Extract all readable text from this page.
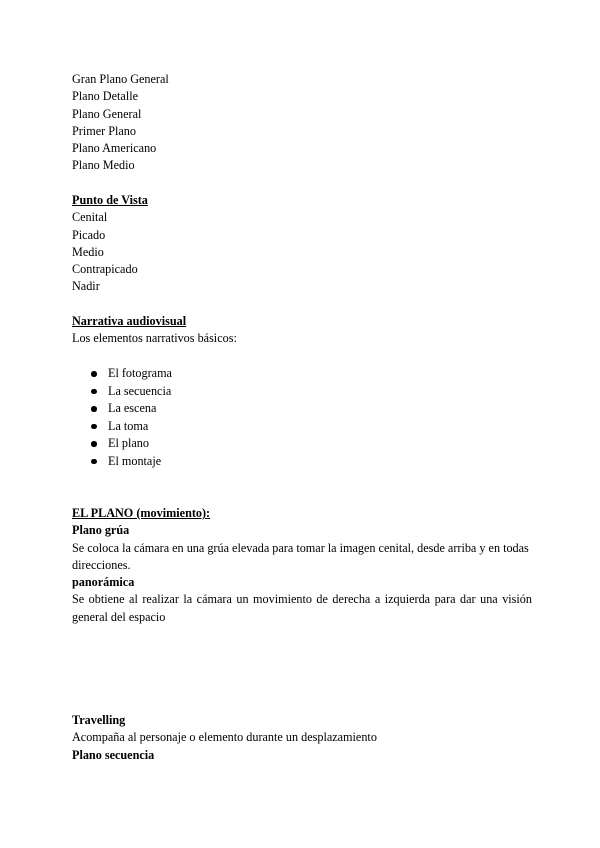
Gran Plano General
Plano Detalle
Plano General
Primer Plano
Plano Americano
Plano Medio
Punto de Vista
Cenital
Picado
Medio
Contrapicado
Nadir
Narrativa audiovisual
Los elementos narrativos básicos:
El fotograma
La secuencia
La escena
La toma
El plano
El montaje
EL PLANO (movimiento):
Plano grúa
Se coloca la cámara en una grúa elevada para tomar la imagen cenital, desde arriba y en todas direcciones.
panorámica
Se obtiene al realizar la cámara un movimiento de derecha a izquierda para dar una visión general del espacio
Travelling
Acompaña al personaje o elemento durante un desplazamiento
Plano secuencia
